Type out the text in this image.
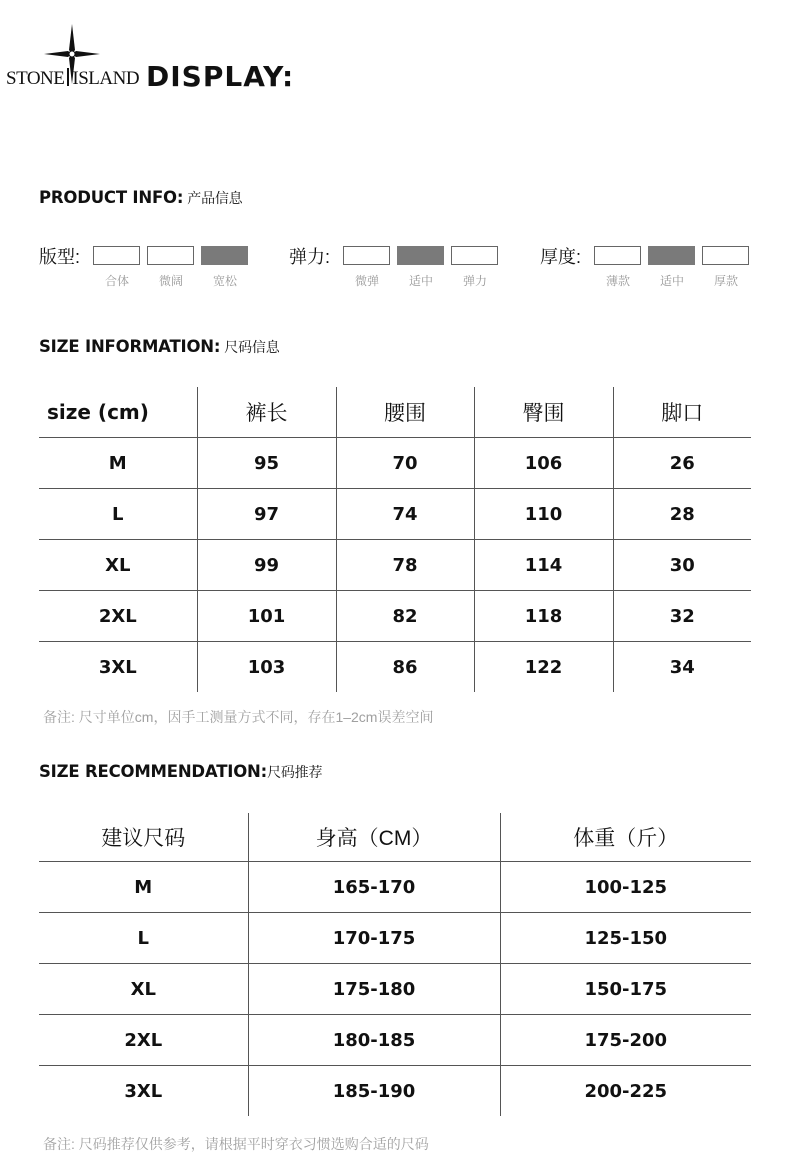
STONE ISLAND DISPLAY:
PRODUCT INFO: 产品信息
版型:
合体	微阔	宽松
弹力:
微弹	适中	弹力
厚度:
薄款	适中	厚款
SIZE INFORMATION: 尺码信息
size (cm)	裤长	腰围	臀围	脚口
M	95	70	106	26
L	97	74	110	28
XL	99	78	114	30
2XL	101	82	118	32
3XL	103	86	122	34
备注: 尺寸单位cm，因手工测量方式不同，存在1–2cm误差空间
SIZE RECOMMENDATION:尺码推荐
建议尺码	身高（CM）	体重（斤）
M	165-170	100-125
L	170-175	125-150
XL	175-180	150-175
2XL	180-185	175-200
3XL	185-190	200-225
备注: 尺码推荐仅供参考，请根据平时穿衣习惯选购合适的尺码
